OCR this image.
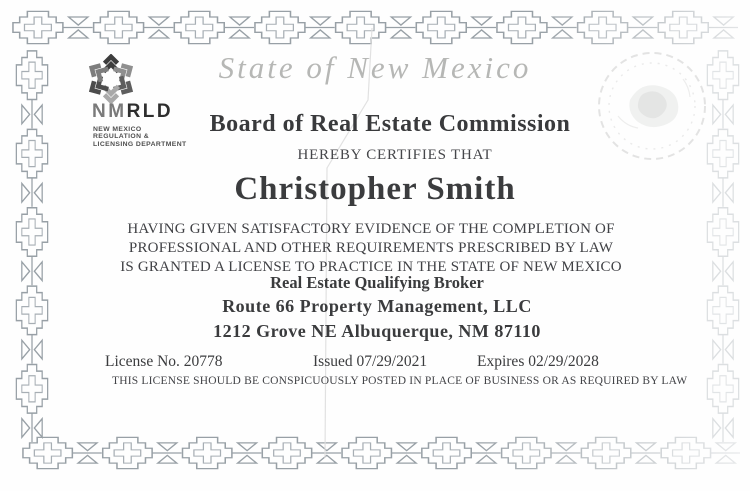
NMRLD
NEW MEXICO
REGULATION &
LICENSING DEPARTMENT
State of New Mexico
Board of Real Estate Commission
HEREBY CERTIFIES THAT
Christopher Smith
HAVING GIVEN SATISFACTORY EVIDENCE OF THE COMPLETION OF
PROFESSIONAL AND OTHER REQUIREMENTS PRESCRIBED BY LAW
IS GRANTED A LICENSE TO PRACTICE IN THE STATE OF NEW MEXICO
Real Estate Qualifying Broker
Route 66 Property Management, LLC
1212 Grove NE Albuquerque, NM 87110
License No. 20778	Issued 07/29/2021	Expires 02/29/2028
THIS LICENSE SHOULD BE CONSPICUOUSLY POSTED IN PLACE OF BUSINESS OR AS REQUIRED BY LAW
